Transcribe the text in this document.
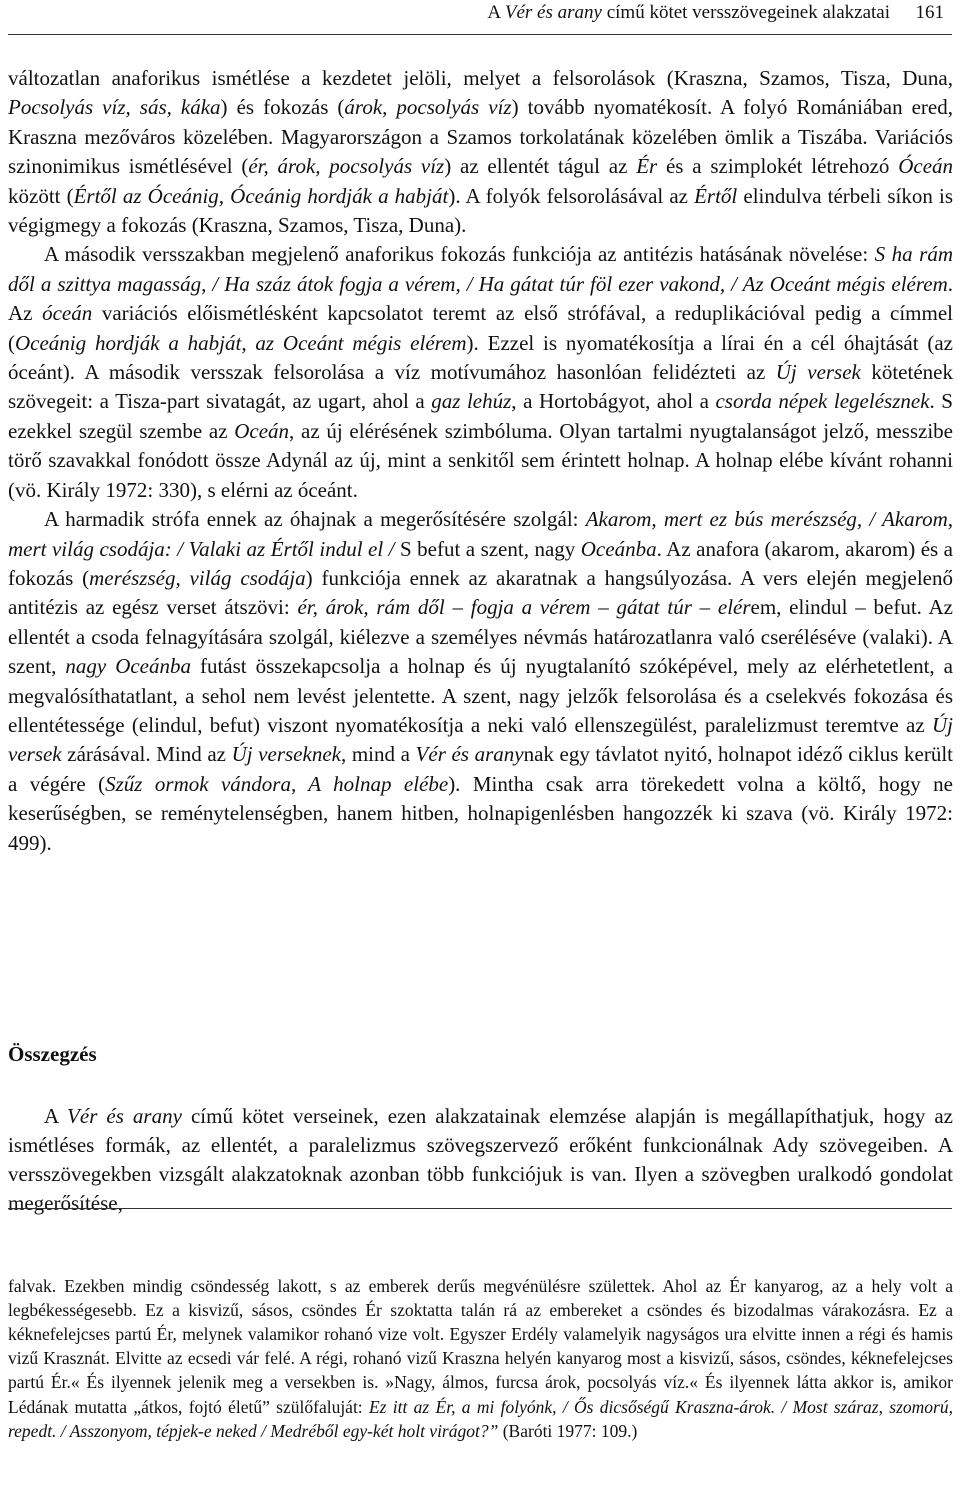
A Vér és arany című kötet versszövegeinek alakzatai 161

változatlan anaforikus ismétlése a kezdetet jelöli, melyet a felsorolások (Kraszna, Szamos, Tisza, Duna, Pocsolyás víz, sás, káka) és fokozás (árok, pocsolyás víz) tovább nyomatékosít. A folyó Romániában ered, Kraszna mezőváros közelében. Magyarországon a Szamos torkolatának közelében ömlik a Tiszába. Variációs szinonimikus ismétlésével (ér, árok, pocsolyás víz) az ellentét tágul az Ér és a szimplokét létrehozó Óceán között (Értől az Óceánig, Óceánig hordják a habját). A folyók felsorolásával az Értől elindulva térbeli síkon is végigmegy a fokozás (Kraszna, Szamos, Tisza, Duna).

A második versszakban megjelenő anaforikus fokozás funkciója az antitézis hatásának növelése: S ha rám dől a szittya magasság, / Ha száz átok fogja a vérem, / Ha gátat túr föl ezer vakond, / Az Oceánt mégis elérem. Az óceán variációs előismétlésként kapcsolatot teremt az első strófával, a reduplikációval pedig a címmel (Oceánig hordják a habját, az Oceánt mégis elérem). Ezzel is nyomatékosítja a lírai én a cél óhajtását (az óceánt). A második versszak felsorolása a víz motívumához hasonlóan felidézteti az Új versek kötetének szövegeit: a Tisza-part sivatagát, az ugart, ahol a gaz lehúz, a Hortobágyot, ahol a csorda népek legelésznek. S ezekkel szegül szembe az Oceán, az új elérésének szimbóluma. Olyan tartalmi nyugtalanságot jelző, messzibe törő szavakkal fonódott össze Adynál az új, mint a senkitől sem érintett holnap. A holnap elébe kívánt rohanni (vö. Király 1972: 330), s elérni az óceánt.

A harmadik strófa ennek az óhajnak a megerősítésére szolgál: Akarom, mert ez bús merészség, / Akarom, mert világ csodája: / Valaki az Értől indul el / S befut a szent, nagy Oceánba. Az anafora (akarom, akarom) és a fokozás (merészség, világ csodája) funkciója ennek az akaratnak a hangsúlyozása. A vers elején megjelenő antitézis az egész verset átszövi: ér, árok, rám dől – fogja a vérem – gátat túr – elérem, elindul – befut. Az ellentét a csoda felnagyítására szolgál, kiélezve a személyes névmás határozatlanra való cseréléséve (valaki). A szent, nagy Oceánba futást összekapcsolja a holnap és új nyugtalanító szóképével, mely az elérhetetlent, a megvalósíthatatlant, a sehol nem levést jelentette. A szent, nagy jelzők felsorolása és a cselekvés fokozása és ellentétessége (elindul, befut) viszont nyomatékosítja a neki való ellenszegülést, paralelizmust teremtve az Új versek zárásával. Mind az Új verseknek, mind a Vér és aranynak egy távlatot nyitó, holnapot idéző ciklus került a végére (Szűz ormok vándora, A holnap elébe). Mintha csak arra törekedett volna a költő, hogy ne keserűségben, se reménytelenségben, hanem hitben, holnapigenlésben hangozzék ki szava (vö. Király 1972: 499).

Összegzés

A Vér és arany című kötet verseinek, ezen alakzatainak elemzése alapján is megállapíthatjuk, hogy az ismétléses formák, az ellentét, a paralelizmus szövegszervező erőként funkcionálnak Ady szövegeiben. A versszövegekben vizsgált alakzatoknak azonban több funkciójuk is van. Ilyen a szövegben uralkodó gondolat megerősítése,

falvak. Ezekben mindig csöndesség lakott, s az emberek derűs megvénülésre születtek. Ahol az Ér kanyarog, az a hely volt a legbékességesebb. Ez a kisvizű, sásos, csöndes Ér szoktatta talán rá az embereket a csöndes és bizodalmas várakozásra. Ez a kéknefelejcses partú Ér, melynek valamikor rohanó vize volt. Egyszer Erdély valamelyik nagyságos ura elvitte innen a régi és hamis vizű Krasznát. Elvitte az ecsedi vár felé. A régi, rohanó vizű Kraszna helyén kanyarog most a kisvizű, sásos, csöndes, kéknefelejcses partú Ér.« És ilyennek jelenik meg a versekben is. »Nagy, álmos, furcsa árok, pocsolyás víz.« És ilyennek látta akkor is, amikor Lédának mutatta „átkos, fojtó életű” szülőfaluját: Ez itt az Ér, a mi folyónk, / Ős dicsőségű Kraszna-árok. / Most száraz, szomorú, repedt. / Asszonyom, tépjek-e neked / Medréből egy-két holt virágot?” (Baróti 1977: 109.)
